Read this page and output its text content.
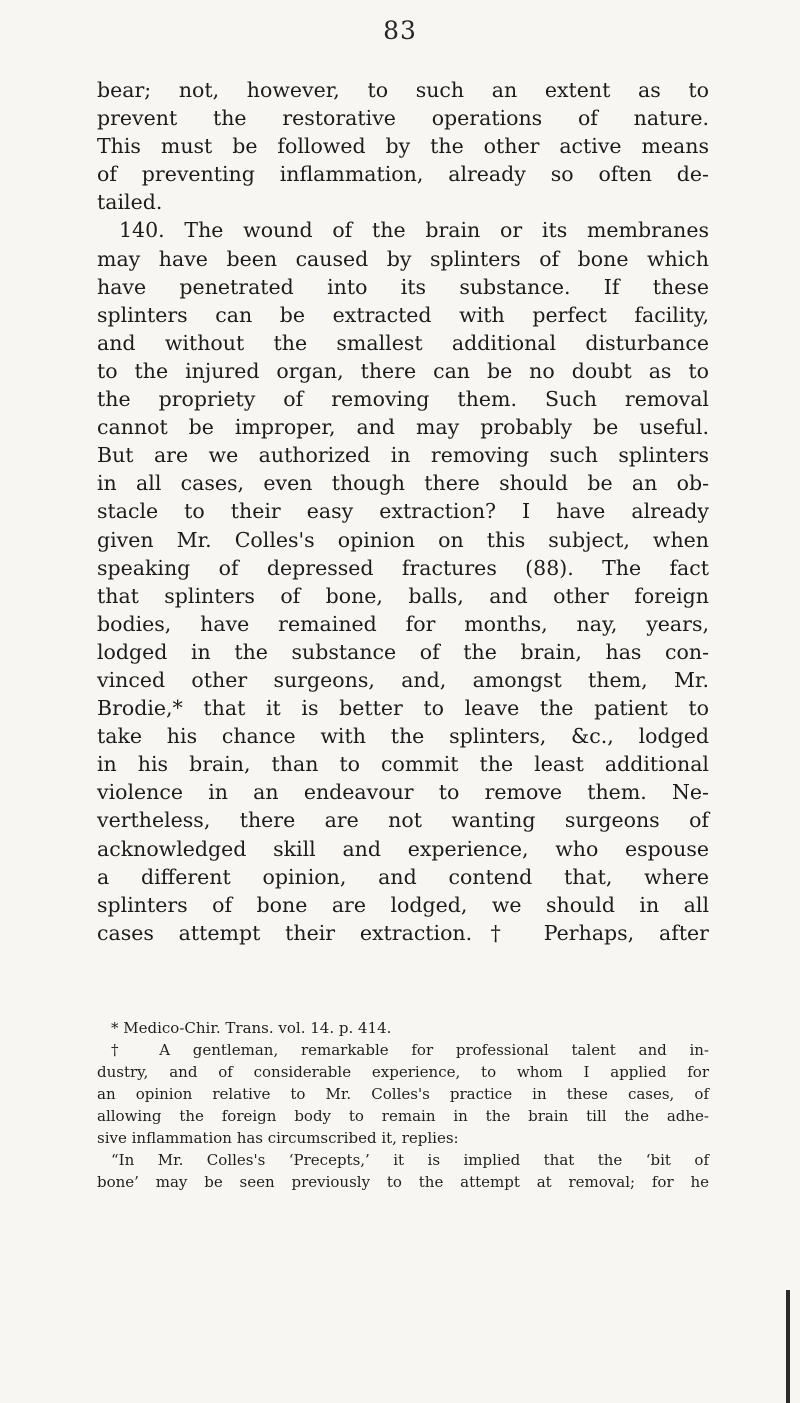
83
bear; not, however, to such an extent as to
prevent the restorative operations of nature.
This must be followed by the other active means
of preventing inflammation, already so often de-
tailed.
140. The wound of the brain or its membranes
may have been caused by splinters of bone which
have penetrated into its substance. If these
splinters can be extracted with perfect facility,
and without the smallest additional disturbance
to the injured organ, there can be no doubt as to
the propriety of removing them. Such removal
cannot be improper, and may probably be useful.
But are we authorized in removing such splinters
in all cases, even though there should be an ob-
stacle to their easy extraction? I have already
given Mr. Colles's opinion on this subject, when
speaking of depressed fractures (88). The fact
that splinters of bone, balls, and other foreign
bodies, have remained for months, nay, years,
lodged in the substance of the brain, has con-
vinced other surgeons, and, amongst them, Mr.
Brodie,* that it is better to leave the patient to
take his chance with the splinters, &c., lodged
in his brain, than to commit the least additional
violence in an endeavour to remove them. Ne-
vertheless, there are not wanting surgeons of
acknowledged skill and experience, who espouse
a different opinion, and contend that, where
splinters of bone are lodged, we should in all
cases attempt their extraction.† Perhaps, after
* Medico-Chir. Trans. vol. 14. p. 414.
† A gentleman, remarkable for professional talent and in-
dustry, and of considerable experience, to whom I applied for
an opinion relative to Mr. Colles's practice in these cases, of
allowing the foreign body to remain in the brain till the adhe-
sive inflammation has circumscribed it, replies:
“In Mr. Colles's ‘Precepts,’ it is implied that the ‘bit of
bone’ may be seen previously to the attempt at removal; for he
